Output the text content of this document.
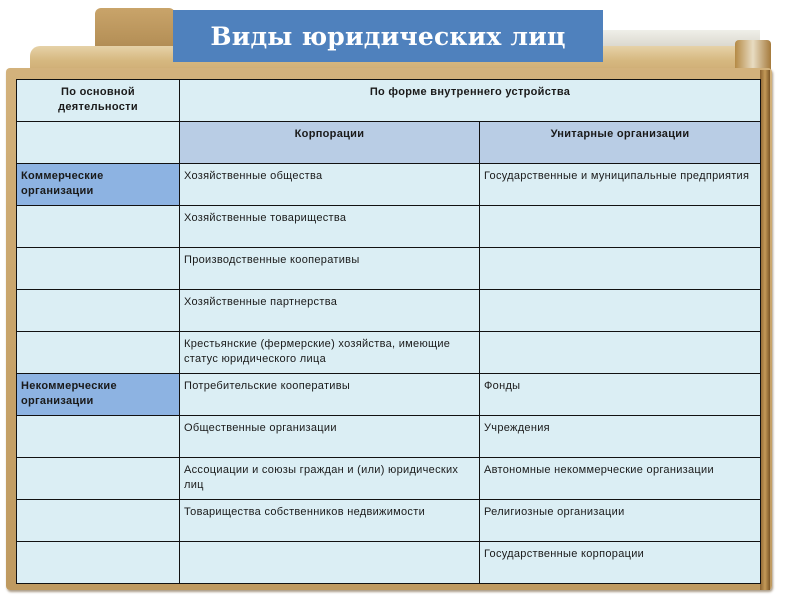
Виды юридических лиц
По основной деятельности	По форме внутреннего устройства	
	Корпорации	Унитарные организации
Коммерческие организации	Хозяйственные общества	Государственные и муниципальные предприятия
	Хозяйственные товарищества	
	Производственные кооперативы	
	Хозяйственные партнерства	
	Крестьянские (фермерские) хозяйства, имеющие статус юридического лица	
Некоммерческие организации	Потребительские кооперативы	Фонды
	Общественные организации	Учреждения
	Ассоциации и союзы граждан и (или) юридических лиц	Автономные некоммерческие организации
	Товарищества собственников недвижимости	Религиозные организации
		Государственные корпорации
